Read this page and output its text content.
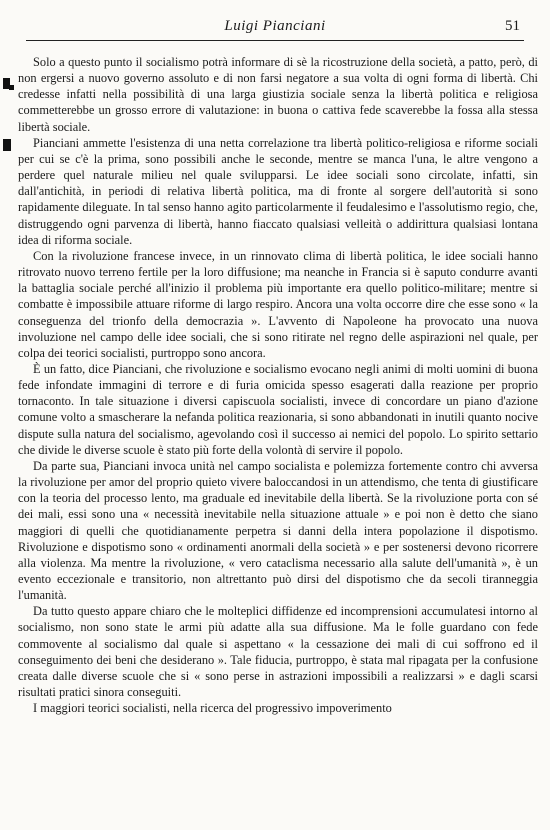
Luigi Pianciani	51

Solo a questo punto il socialismo potrà informare di sè la ricostruzione della società, a patto, però, di non ergersi a nuovo governo assoluto e di non farsi negatore a sua volta di ogni forma di libertà. Chi credesse infatti nella possibilità di una larga giustizia sociale senza la libertà politica e religiosa commetterebbe un grosso errore di valutazione: in buona o cattiva fede scaverebbe la fossa alla stessa libertà sociale.

Pianciani ammette l'esistenza di una netta correlazione tra libertà politico-religiosa e riforme sociali per cui se c'è la prima, sono possibili anche le seconde, mentre se manca l'una, le altre vengono a perdere quel naturale milieu nel quale svilupparsi. Le idee sociali sono circolate, infatti, sin dall'antichità, in periodi di relativa libertà politica, ma di fronte al sorgere dell'autorità si sono rapidamente dileguate. In tal senso hanno agito particolarmente il feudalesimo e l'assolutismo regio, che, distruggendo ogni parvenza di libertà, hanno fiaccato qualsiasi velleità o addirittura qualsiasi lontana idea di riforma sociale.

Con la rivoluzione francese invece, in un rinnovato clima di libertà politica, le idee sociali hanno ritrovato nuovo terreno fertile per la loro diffusione; ma neanche in Francia si è saputo condurre avanti la battaglia sociale perché all'inizio il problema più importante era quello politico-militare; mentre si combatte è impossibile attuare riforme di largo respiro. Ancora una volta occorre dire che esse sono « la conseguenza del trionfo della democrazia ». L'avvento di Napoleone ha provocato una nuova involuzione nel campo delle idee sociali, che si sono ritirate nel regno delle aspirazioni nel quale, per colpa dei teorici socialisti, purtroppo sono ancora.

È un fatto, dice Pianciani, che rivoluzione e socialismo evocano negli animi di molti uomini di buona fede infondate immagini di terrore e di furia omicida spesso esagerati dalla reazione per proprio tornaconto. In tale situazione i diversi capiscuola socialisti, invece di concordare un piano d'azione comune volto a smascherare la nefanda politica reazionaria, si sono abbandonati in inutili quanto nocive dispute sulla natura del socialismo, agevolando così il successo ai nemici del popolo. Lo spirito settario che divide le diverse scuole è stato più forte della volontà di servire il popolo.

Da parte sua, Pianciani invoca unità nel campo socialista e polemizza fortemente contro chi avversa la rivoluzione per amor del proprio quieto vivere baloccandosi in un attendismo, che tenta di giustificare con la teoria del processo lento, ma graduale ed inevitabile della libertà. Se la rivoluzione porta con sé dei mali, essi sono una « necessità inevitabile nella situazione attuale » e poi non è detto che siano maggiori di quelli che quotidianamente perpetra si danni della intera popolazione il dispotismo. Rivoluzione e dispotismo sono « ordinamenti anormali della società » e per sostenersi devono ricorrere alla violenza. Ma mentre la rivoluzione, « vero cataclisma necessario alla salute dell'umanità », è un evento eccezionale e transitorio, non altrettanto può dirsi del dispotismo che da secoli tiranneggia l'umanità.

Da tutto questo appare chiaro che le molteplici diffidenze ed incomprensioni accumulatesi intorno al socialismo, non sono state le armi più adatte alla sua diffusione. Ma le folle guardano con fede commovente al socialismo dal quale si aspettano « la cessazione dei mali di cui soffrono ed il conseguimento dei beni che desiderano ». Tale fiducia, purtroppo, è stata mal ripagata per la confusione creata dalle diverse scuole che si « sono perse in astrazioni impossibili a realizzarsi » e dagli scarsi risultati pratici sinora conseguiti.

I maggiori teorici socialisti, nella ricerca del progressivo impoverimento
